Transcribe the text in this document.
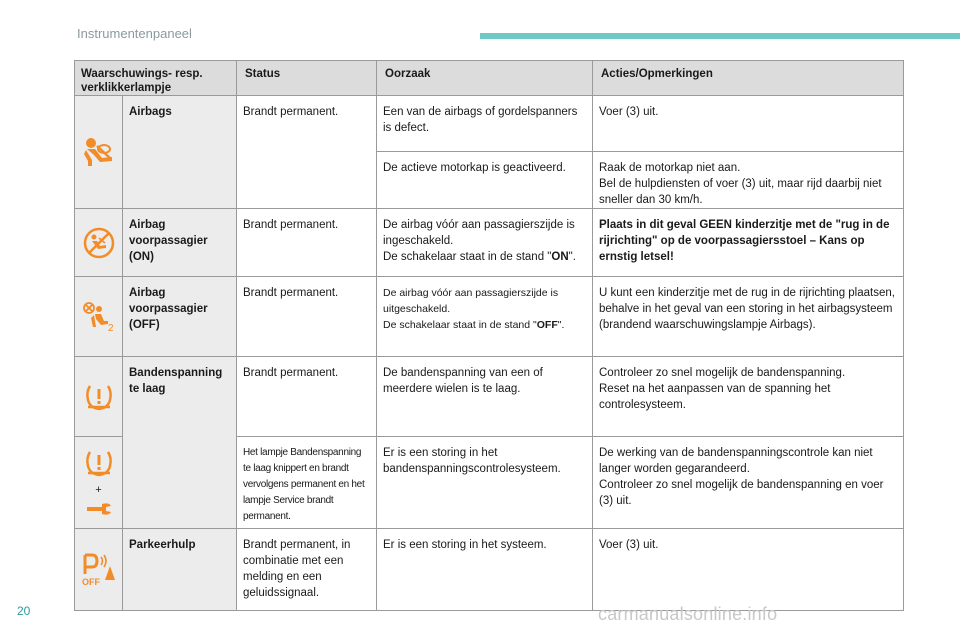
Instrumentenpaneel
Waarschuwings- resp. verklikkerlampje		Status	Oorzaak	Acties/Opmerkingen
	Airbags	Brandt permanent.	Een van de airbags of gordelspanners is defect.	Voer (3) uit.
			De actieve motorkap is geactiveerd.	Raak de motorkap niet aan.
Bel de hulpdiensten of voer (3) uit, maar rijd daarbij niet sneller dan 30 km/h.

	Airbag voorpassagier (ON)	Brandt permanent.	De airbag vóór aan passagierszijde is ingeschakeld.
De schakelaar staat in de stand "ON".	Plaats in dit geval GEEN kinderzitje met de "rug in de rijrichting" op de voorpassagiersstoel – Kans op ernstig letsel!

2	Airbag voorpassagier (OFF)	Brandt permanent.	De airbag vóór aan passagierszijde is uitgeschakeld.
De schakelaar staat in de stand "OFF".	U kunt een kinderzitje met de rug in de rijrichting plaatsen, behalve in het geval van een storing in het airbagsysteem (brandend waarschuwingslampje Airbags).
	Bandenspanning te laag	Brandt permanent.	De bandenspanning van een of meerdere wielen is te laag.	Controleer zo snel mogelijk de bandenspanning.
Reset na het aanpassen van de spanning het controlesysteem.

+		Het lampje Bandenspanning te laag knippert en brandt vervolgens permanent en het lampje Service brandt permanent.	Er is een storing in het bandenspanningscontrolesysteem.	De werking van de bandenspanningscontrole kan niet langer worden gegarandeerd.
Controleer zo snel mogelijk de bandenspanning en voer (3) uit.

OFF	Parkeerhulp	Brandt permanent, in combinatie met een melding en een geluidssignaal.	Er is een storing in het systeem.	Voer (3) uit.
20	carmanualsonline.info
